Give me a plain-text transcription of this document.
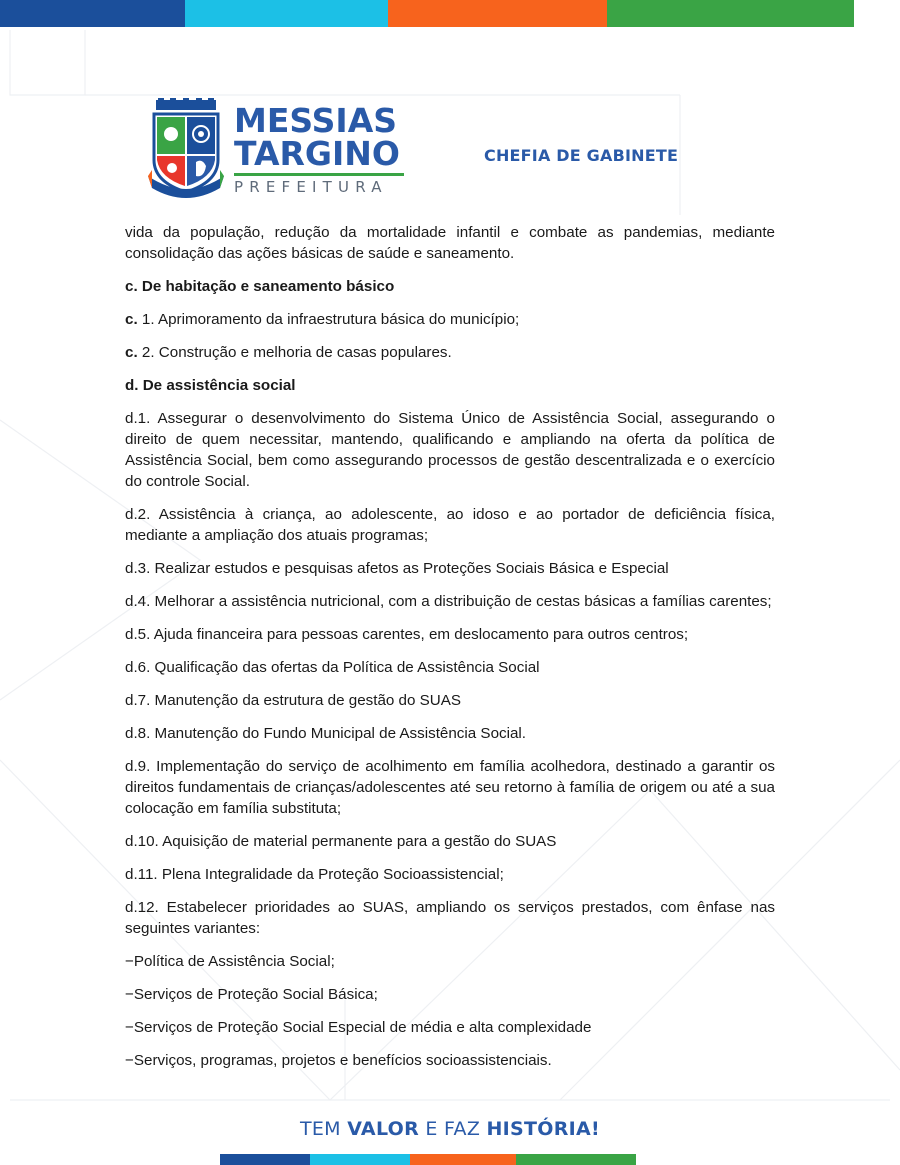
MESSIAS
TARGINO
PREFEITURA
CHEFIA DE GABINETE

vida da população, redução da mortalidade infantil e combate as pandemias, mediante consolidação das ações básicas de saúde e saneamento.

c. De habitação e saneamento básico

c. 1. Aprimoramento da infraestrutura básica do município;

c. 2. Construção e melhoria de casas populares.

d. De assistência social

d.1. Assegurar o desenvolvimento do Sistema Único de Assistência Social, assegurando o direito de quem necessitar, mantendo, qualificando e ampliando na oferta da política de Assistência Social, bem como assegurando processos de gestão descentralizada e o exercício do controle Social.

d.2. Assistência à criança, ao adolescente, ao idoso e ao portador de deficiência física, mediante a ampliação dos atuais programas;

d.3. Realizar estudos e pesquisas afetos as Proteções Sociais Básica e Especial

d.4. Melhorar a assistência nutricional, com a distribuição de cestas básicas a famílias carentes;

d.5. Ajuda financeira para pessoas carentes, em deslocamento para outros centros;

d.6. Qualificação das ofertas da Política de Assistência Social

d.7. Manutenção da estrutura de gestão do SUAS

d.8. Manutenção do Fundo Municipal de Assistência Social.

d.9. Implementação do serviço de acolhimento em família acolhedora, destinado a garantir os direitos fundamentais de crianças/adolescentes até seu retorno à família de origem ou até a sua colocação em família substituta;

d.10. Aquisição de material permanente para a gestão do SUAS

d.11. Plena Integralidade da Proteção Socioassistencial;

d.12. Estabelecer prioridades ao SUAS, ampliando os serviços prestados, com ênfase nas seguintes variantes:

−Política de Assistência Social;

−Serviços de Proteção Social Básica;

−Serviços de Proteção Social Especial de média e alta complexidade

−Serviços, programas, projetos e benefícios socioassistenciais.

TEM VALOR E FAZ HISTÓRIA!
